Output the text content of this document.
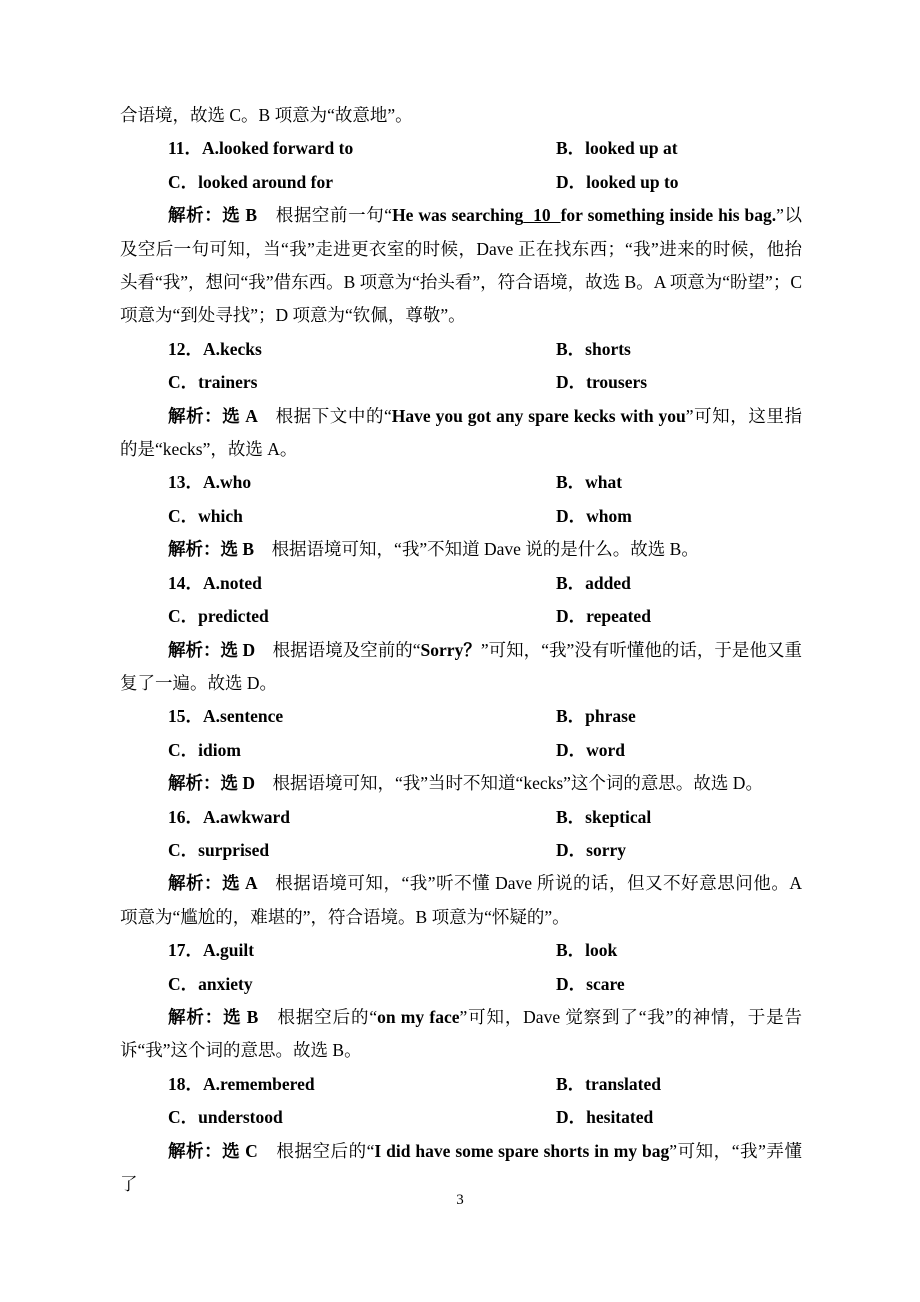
合语境，故选 C。B 项意为“故意地”。

11．A.looked forward to	B．looked up at
C．looked around for	D．looked up to

解析：选 B　根据空前一句“He was searching  10  for something inside his bag.”以及空后一句可知，当“我”走进更衣室的时候，Dave 正在找东西；“我”进来的时候，他抬头看“我”，想问“我”借东西。B 项意为“抬头看”，符合语境，故选 B。A 项意为“盼望”；C 项意为“到处寻找”；D 项意为“钦佩，尊敬”。

12．A.kecks	B．shorts
C．trainers	D．trousers

解析：选 A　根据下文中的“Have you got any spare kecks with you”可知，这里指的是“kecks”，故选 A。

13．A.who	B．what
C．which	D．whom

解析：选 B　根据语境可知，“我”不知道 Dave 说的是什么。故选 B。

14．A.noted	B．added
C．predicted	D．repeated

解析：选 D　根据语境及空前的“Sorry？”可知，“我”没有听懂他的话，于是他又重复了一遍。故选 D。

15．A.sentence	B．phrase
C．idiom	D．word

解析：选 D　根据语境可知，“我”当时不知道“kecks”这个词的意思。故选 D。

16．A.awkward	B．skeptical
C．surprised	D．sorry

解析：选 A　根据语境可知，“我”听不懂 Dave 所说的话，但又不好意思问他。A 项意为“尴尬的，难堪的”，符合语境。B 项意为“怀疑的”。

17．A.guilt	B．look
C．anxiety	D．scare

解析：选 B　根据空后的“on my face”可知，Dave 觉察到了“我”的神情，于是告诉“我”这个词的意思。故选 B。

18．A.remembered	B．translated
C．understood	D．hesitated

解析：选 C　根据空后的“I did have some spare shorts in my bag”可知，“我”弄懂了

3
